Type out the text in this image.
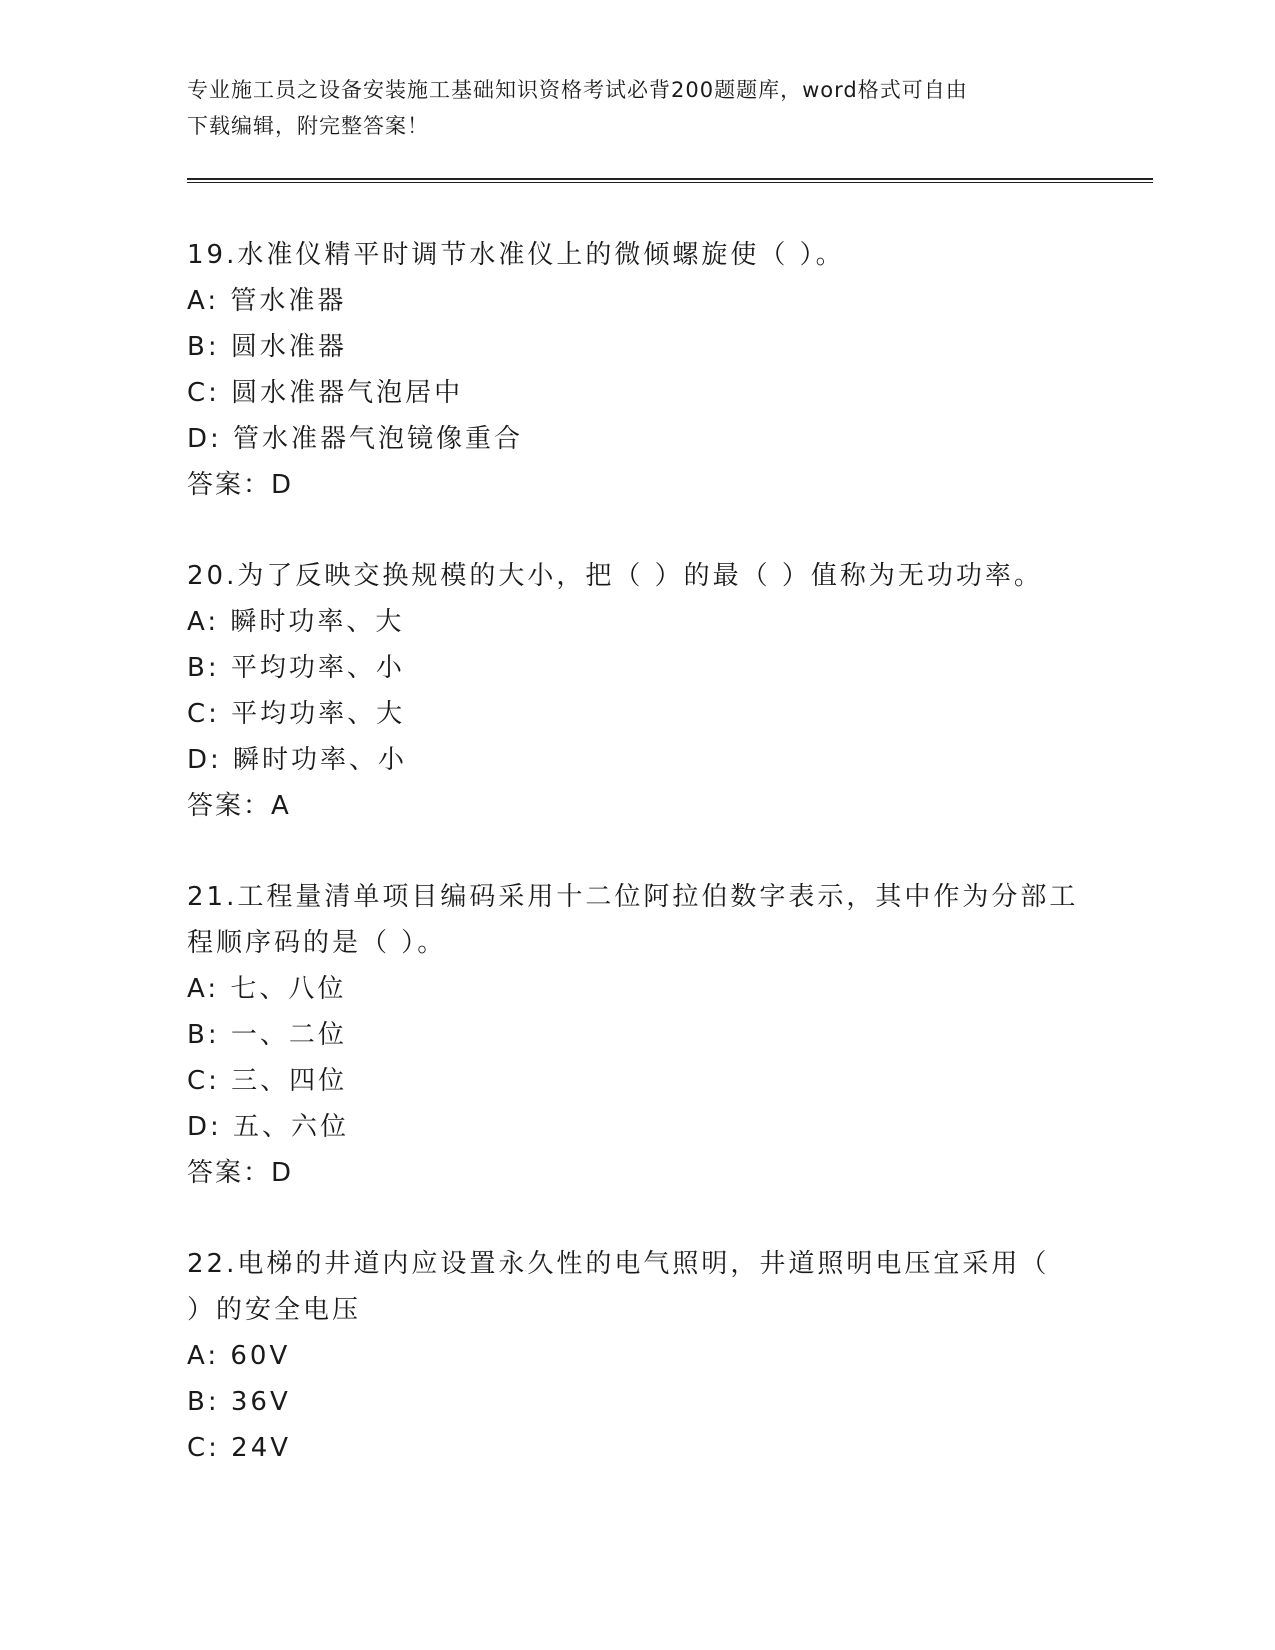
专业施工员之设备安装施工基础知识资格考试必背200题题库，word格式可自由
下载编辑，附完整答案！
19.水准仪精平时调节水准仪上的微倾螺旋使（ ）。
A: 管水准器
B: 圆水准器
C: 圆水准器气泡居中
D: 管水准器气泡镜像重合
答案：D
20.为了反映交换规模的大小，把（ ）的最（ ）值称为无功功率。
A: 瞬时功率、大
B: 平均功率、小
C: 平均功率、大
D: 瞬时功率、小
答案：A
21.工程量清单项目编码采用十二位阿拉伯数字表示，其中作为分部工
程顺序码的是（ ）。
A: 七、八位
B: 一、二位
C: 三、四位
D: 五、六位
答案：D
22.电梯的井道内应设置永久性的电气照明，井道照明电压宜采用（
）的安全电压
A: 60V
B: 36V
C: 24V
